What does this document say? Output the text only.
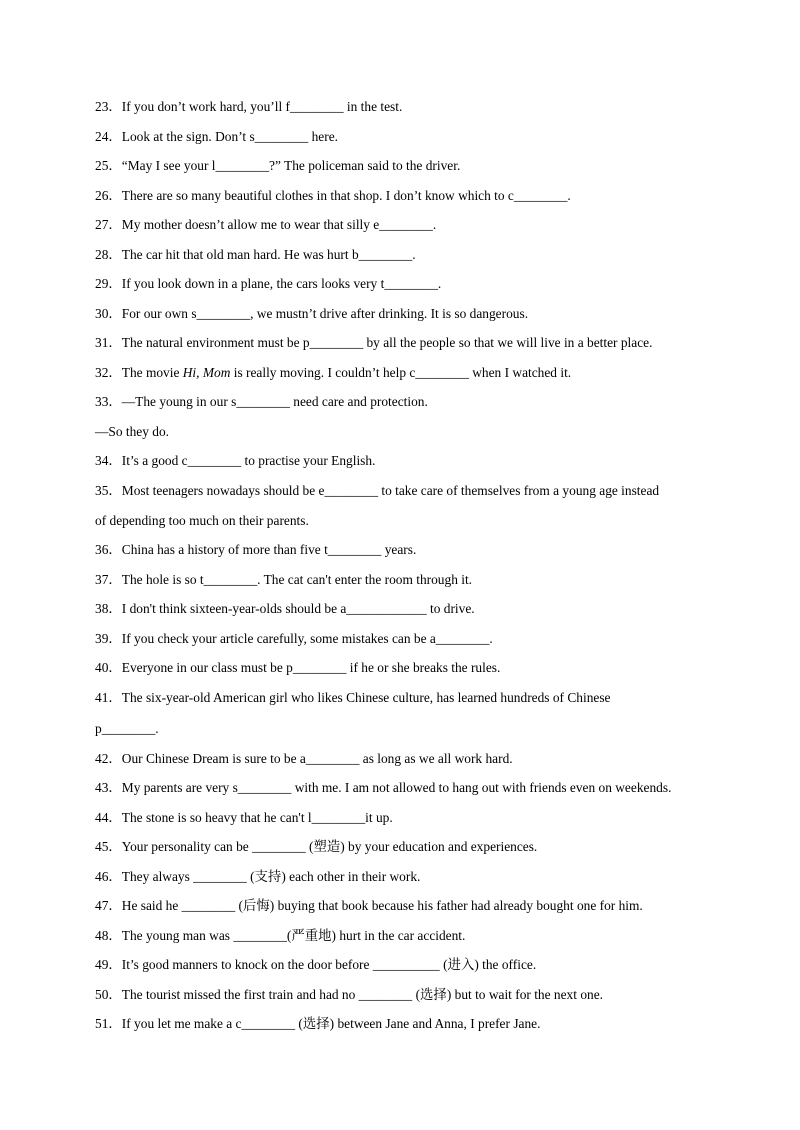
23．If you don’t work hard, you’ll f________ in the test.
24．Look at the sign. Don’t s________ here.
25．“May I see your l________?” The policeman said to the driver.
26．There are so many beautiful clothes in that shop. I don’t know which to c________.
27．My mother doesn’t allow me to wear that silly e________.
28．The car hit that old man hard. He was hurt b________.
29．If you look down in a plane, the cars looks very t________.
30．For our own s________, we mustn’t drive after drinking. It is so dangerous.
31．The natural environment must be p________ by all the people so that we will live in a better place.
32．The movie Hi, Mom is really moving. I couldn’t help c________ when I watched it.
33．—The young in our s________ need care and protection.
—So they do.
34．It’s a good c________ to practise your English.
35．Most teenagers nowadays should be e________ to take care of themselves from a young age instead
of depending too much on their parents.
36．China has a history of more than five t________ years.
37．The hole is so t________. The cat can't enter the room through it.
38．I don't think sixteen-year-olds should be a____________ to drive.
39．If you check your article carefully, some mistakes can be a________.
40．Everyone in our class must be p________ if he or she breaks the rules.
41．The six-year-old American girl who likes Chinese culture, has learned hundreds of Chinese
p________.
42．Our Chinese Dream is sure to be a________ as long as we all work hard.
43．My parents are very s________ with me. I am not allowed to hang out with friends even on weekends.
44．The stone is so heavy that he can't l________it up.
45．Your personality can be ________ (塑造) by your education and experiences.
46．They always ________ (支持) each other in their work.
47．He said he ________ (后悔) buying that book because his father had already bought one for him.
48．The young man was ________(严重地) hurt in the car accident.
49．It’s good manners to knock on the door before __________ (进入) the office.
50．The tourist missed the first train and had no ________ (选择) but to wait for the next one.
51．If you let me make a c________ (选择) between Jane and Anna, I prefer Jane.
